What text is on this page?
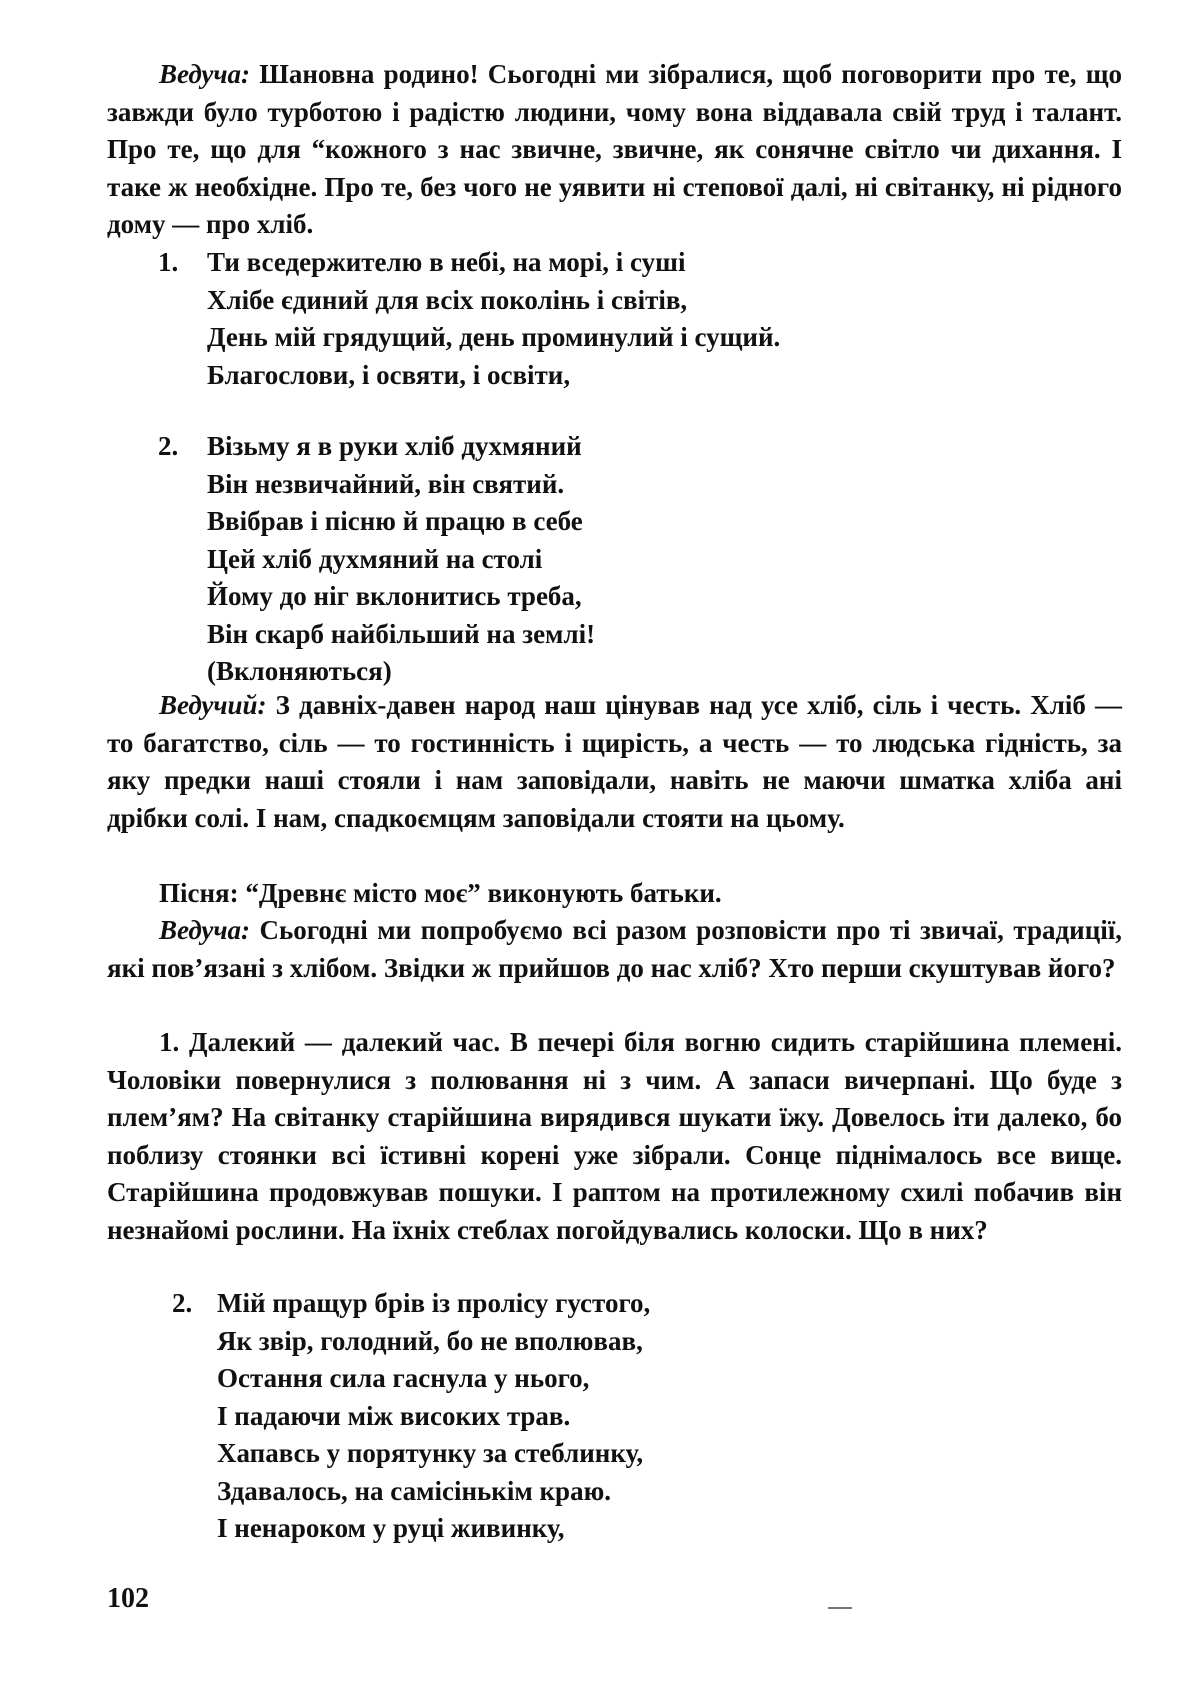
Ведуча: Шановна родино! Сьогодні ми зібралися, щоб поговорити про те, що завжди було турботою і радістю людини, чому вона віддавала свій труд і талант. Про те, що для “кожного з нас звичне, звичне, як сонячне світло чи дихання. І таке ж необхідне. Про те, без чого не уявити ні степової далі, ні світанку, ні рідного дому — про хліб.

1. Ти вседержителю в небі, на морі, і суші
Хлібе єдиний для всіх поколінь і світів,
День мій грядущий, день проминулий і сущий.
Благослови, і освяти, і освіти,
2. Візьму я в руки хліб духмяний
Він незвичайний, він святий.
Ввібрав і пісню й працю в себе
Цей хліб духмяний на столі
Йому до ніг вклонитись треба,
Він скарб найбільший на землі!
(Вклоняються)

Ведучий: З давніх-давен народ наш цінував над усе хліб, сіль і честь. Хліб — то багатство, сіль — то гостинність і щирість, а честь — то людська гідність, за яку предки наші стояли і нам заповідали, навіть не маючи шматка хліба ані дрібки солі. І нам, спадкоємцям заповідали стояти на цьому.

Пісня: “Древнє місто моє” виконують батьки.

Ведуча: Сьогодні ми попробуємо всі разом розповісти про ті звичаї, традиції, які пов’язані з хлібом. Звідки ж прийшов до нас хліб? Хто перши скуштував його?

1. Далекий — далекий час. В печері біля вогню сидить старійшина племені. Чоловіки повернулися з полювання ні з чим. А запаси вичерпані. Що буде з плем’ям? На світанку старійшина вирядився шукати їжу. Довелось іти далеко, бо поблизу стоянки всі їстивні корені уже зібрали. Сонце піднімалось все вище. Старійшина продовжував пошуки. І раптом на протилежному схилі побачив він незнайомі рослини. На їхніх стеблах погойдувались колоски. Що в них?

2. Мій пращур брів із пролісу густого,
Як звір, голодний, бо не вполював,
Остання сила гаснула у нього,
І падаючи між високих трав.
Хапавсь у порятунку за стеблинку,
Здавалось, на самісінькім краю.
І ненароком у руці живинку,
102
